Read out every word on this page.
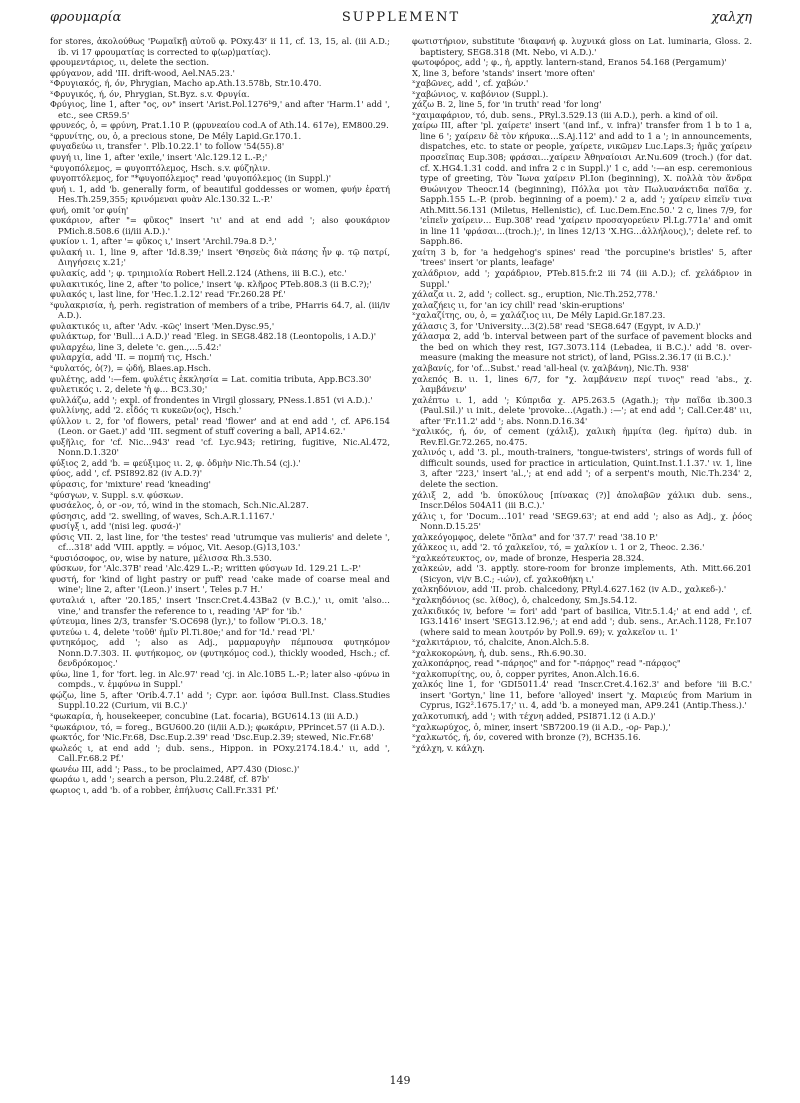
φρουμαρία	SUPPLEMENT	χαλχη

for stores, ἀκολούθως 'Ρωμαϊκῇ αὐτοῦ φ. POxy.43ʳ ii 11, cf. 13, 15, al. (iii A.D.; ib. vi 17 φρουματίας is corrected to φ⟨ωρ⟩ματίας).

φρουμεντάριος, ιι, delete the section.

φρύγανον, add 'III. drift-wood, Ael.NA5.23.'

ˣΦρυγιακός, ή, όν, Phrygian, Macho ap.Ath.13.578b, Str.10.470.

ˣΦρυγικός, ή, όν, Phrygian, St.Byz. s.v. Φρυγία.

Φρύγιος, line 1, after "ος, ον" insert 'Arist.Pol.1276ᵇ9,' and after 'Harm.1' add ', etc., see CR59.5'

φρυνεός, ὁ, = φρύνη, Prat.1.10 P. (φρυνεαίου cod.A of Ath.14. 617e), EM800.29.

ˣφρυνίτης, ου, ὁ, a precious stone, De Mély Lapid.Gr.170.1.

φυγαδεύω ιι, transfer '. Plb.10.22.1' to follow '54(55).8'

φυγή ιι, line 1, after 'exile,' insert 'Alc.129.12 L.-P.;'

ˣφυγοπόλεμος, = φυγοπτόλεμος, Hsch. s.v. φύζηλιν.

φυγοπτόλεμος, for "*φυγοπόλεμος" read 'φυγοπόλεμος (in Suppl.)'

φυή ι. 1, add 'b. generally form, of beautiful goddesses or women, φυήν ἐρατή Hes.Th.259,355; κρινόμεναι φυὰν Alc.130.32 L.-P.'

φυή, omit 'or φυίη'

φυκάριον, after "= φῦκος" insert 'ιι' and at end add '; also φουκάριον PMich.8.508.6 (ii/iii A.D.).'

φυκίον ι. 1, after '= φῦκος ι,' insert 'Archil.79a.8 D.³,'

φυλακή ιι. 1, line 9, after 'Id.8.39;' insert 'Θησεὺς διὰ πάσης ἦν φ. τῷ πατρί, Διηγήσεις x.21;'

φυλακίς, add '; φ. τριημιολία Robert Hell.2.124 (Athens, iii B.C.), etc.'

φυλακιτικός, line 2, after 'to police,' insert 'φ. κλῆρος PTeb.808.3 (ii B.C.?);'

φυλακός ι, last line, for 'Hec.1.2.12' read 'Fr.260.28 Pf.'

ˣφυλακρισία, ἡ, perh. registration of members of a tribe, PHarris 64.7, al. (iii/iv A.D.).

φυλακτικός ιι, after 'Adv. -κῶς' insert 'Men.Dysc.95,'

φυλάκτωρ, for 'Bull…i A.D.)' read 'Eleg. in SEG8.482.18 (Leontopolis, i A.D.)'

φυλαρχέω, line 3, delete 'c. gen.,…5.42:'

φυλαρχία, add 'II. = πομπή τις, Hsch.'

ˣφυλατός, ὁ(?), = ᾠδή, Blaes.ap.Hsch.

φυλέτης, add ':—fem. φυλέτις ἐκκλησία = Lat. comitia tributa, App.BC3.30'

φυλετικός ι. 2, delete 'ἡ φ… BC3.30;'

φυλλάζω, add '; expl. of frondentes in Virgil glossary, PNess.1.851 (vi A.D.).'

φυλλίνης, add '2. εἶδός τι κυκεῶν⟨ος⟩, Hsch.'

φύλλον ι. 2, for 'of flowers, petal' read 'flower' and at end add ', cf. AP6.154 (Leon. or Gaet.)' add 'III. segment of stuff covering a ball, AP14.62.'

φυξῆλις, for 'cf. Nic…943' read 'cf. Lyc.943; retiring, fugitive, Nic.Al.472, Nonn.D.1.320'

φύξιος 2, add 'b. = φεύξιμος ιι. 2, φ. ὁδμὴν Nic.Th.54 (cj.).'

φύος, add ', cf. PSI892.82 (iv A.D.?)'

φύρασις, for 'mixture' read 'kneading'

ˣφύσγων, v. Suppl. s.v. φύσκων.

φυσάελος, ὁ, or -ον, τό, wind in the stomach, Sch.Nic.Al.287.

φύσησις, add '2. swelling, of waves, Sch.A.R.1.1167.'

φυσίγξ ι, add '(nisi leg. φυσά-)'

φύσις VII. 2, last line, for 'the testes' read 'utrumque vas mulieris' and delete ', cf…318' add 'VIII. apptly. = νόμος, Vit. Aesop.(G)13,103.'

ˣφυσιόσοφος, ον, wise by nature, μέλισσα Rh.3.530.

φύσκων, for 'Alc.37B' read 'Alc.429 L.-P.; written φύσγων Id. 129.21 L.-P.'

φυστή, for 'kind of light pastry or puff' read 'cake made of coarse meal and wine'; line 2, after '(Leon.)' insert ', Teles p.7 H.'

φυταλιά ι, after '20.185,' insert 'Inscr.Cret.4.43Ba2 (v B.C.),' ιι, omit 'also…vine,' and transfer the reference to ι, reading 'AP' for 'ib.'

φύτευμα, lines 2/3, transfer 'S.OC698 (lyr.),' to follow 'Pi.O.3. 18,'

φυτεύω ι. 4, delete 'τοῦθ' ἡμῖν Pl.Ti.80e;' and for 'Id.' read 'Pl.'

φυτηκόμος, add '; also as Adj., μαρμαρυγὴν πέμπουσα φυτηκόμον Nonn.D.7.303. II. φυτήκομος, ον (φυτηκόμος cod.), thickly wooded, Hsch.; cf. δενδρόκομος.'

φύω, line 1, for 'fort. leg. in Alc.97' read 'cj. in Alc.10B5 L.-P.; later also -φύνω in compds., v. ἐμφύνω in Suppl.'

φῴζω, line 5, after 'Orib.4.7.1' add '; Cypr. aor. ἰφόσα Bull.Inst. Class.Studies Suppl.10.22 (Curium, vii B.C.)'

ˣφωκαρία, ἡ, housekeeper, concubine (Lat. focaria), BGU614.13 (iii A.D.)

ˣφωκάριον, τό, = foreg., BGU600.20 (ii/iii A.D.); φωκάριν, PPrincet.57 (ii A.D.).

φωκτός, for 'Nic.Fr.68, Dsc.Eup.2.39' read 'Dsc.Eup.2.39; stewed, Nic.Fr.68'

φωλεός ι, at end add '; dub. sens., Hippon. in POxy.2174.18.4.' ιι, add ', Call.Fr.68.2 Pf.'

φωνέω III, add '; Pass., to be proclaimed, AP7.430 (Diosc.)'

φωράω ι, add '; search a person, Plu.2.248f, cf. 87b'

φωριος ι, add 'b. of a robber, ἐπήλυσις Call.Fr.331 Pf.'

φωτιστήριον, substitute 'διαφανή φ. λυχνικά gloss on Lat. luminaria, Gloss. 2. baptistery, SEG8.318 (Mt. Nebo, vi A.D.).'

φωτοφόρος, add '; φ., ἡ, apptly. lantern-stand, Eranos 54.168 (Pergamum)'

X, line 3, before 'stands' insert 'more often'

ˣχαβῶνες, add ', cf. χαβών.'

ˣχαβώνιος, v. καβόνιον (Suppl.).

χάζω B. 2, line 5, for 'in truth' read 'for long'

ˣχαιμαφάριον, τό, dub. sens., PRyl.3.529.13 (iii A.D.), perh. a kind of oil.

χαίρω III, after 'pl. χαίρετε' insert '(and inf., v. infra)' transfer from 1 b to 1 a, line 6 '; χαίρειν δὲ τὸν κήρυκα…S.Aj.112' and add to 1 a '; in announcements, dispatches, etc. to state or people, χαίρετε, νικῶμεν Luc.Laps.3; ἡμᾶς χαίρειν προσεῖπας Eup.308; φράσαι…χαίρειν Ἀθηναίοισι Ar.Nu.609 (troch.) (for dat. cf. X.HG4.1.31 codd. and infra 2 c in Suppl.)' 1 c, add ':—an esp. ceremonious type of greeting, Τὸν Ἴωνα χαίρειν Pl.Ion (beginning), X. πολλὰ τὸν ἄνδρα Θυώνιχον Theocr.14 (beginning), Πόλλα μοι τὰν Πωλυανάκτιδα παῖδα χ. Sapph.155 L.-P. (prob. beginning of a poem).' 2 a, add '; χαίρειν εἰπεῖν τινα Ath.Mitt.56.131 (Miletus, Hellenistic), cf. Luc.Dem.Enc.50.' 2 c, lines 7/9, for 'εἰπεῖν χαίρειν… Eup.308' read 'χαίρειν προσαγορεύειν Pl.Lg.771a' and omit in line 11 'φράσαι…(troch.);', in lines 12/13 'X.HG…ἀλλήλους),'; delete ref. to Sapph.86.

χαίτη 3 b, for 'a hedgehog's spines' read 'the porcupine's bristles' 5, after 'trees' insert 'or plants, leafage'

χαλάδριον, add '; χαράδριον, PTeb.815.fr.2 iii 74 (iii A.D.); cf. χελάδριον in Suppl.'

χάλαζα ιι. 2, add '; collect. sg., eruption, Nic.Th.252,778.'

χαλαζήεις ιι, for 'an icy chill' read 'skin-eruptions'

ˣχαλαζίτης, ου, ὁ, = χαλάζιος ιιι, De Mély Lapid.Gr.187.23.

χάλασις 3, for 'University…3(2).58' read 'SEG8.647 (Egypt, iv A.D.)'

χάλασμα 2, add 'b. interval between part of the surface of pavement blocks and the bed on which they rest, IG7.3073.114 (Lebadea, ii B.C.).' add '8. over-measure (making the measure not strict), of land, PGiss.2.36.17 (ii B.C.).'

χαλβανίς, for 'of…Subst.' read 'all-heal (v. χαλβάνη), Nic.Th. 938'

χαλεπός B. ιι. 1, lines 6/7, for "χ. λαμβάνειν περί τινος" read 'abs., χ. λαμβάνειν'

χαλέπτω ι. 1, add '; Κύπριδα χ. AP5.263.5 (Agath.); τὴν παῖδα ib.300.3 (Paul.Sil.)' ιι init., delete 'provoke…(Agath.) :—'; at end add '; Call.Cer.48' ιιι, after 'Fr.11.2' add '; abs. Nonn.D.16.34'

ˣχαλικός, ή, όν, of cement (χάλιξ), χαλικὴ ἡμμίτα (leg. ἡμίτα) dub. in Rev.El.Gr.72.265, no.475.

χαλινός ι, add '3. pl., mouth-trainers, 'tongue-twisters', strings of words full of difficult sounds, used for practice in articulation, Quint.Inst.1.1.37.' ιv. 1, line 3, after '223,' insert 'al.,'; at end add '; of a serpent's mouth, Nic.Th.234' 2, delete the section.

χάλιξ 2, add 'b. ὑποκύλους [πίνακας (?)] ἀπολαβῶν χάλικι dub. sens., Inscr.Délos 504A11 (iii B.C.).'

χάλις ι, for 'Docum…101' read 'SEG9.63'; at end add '; also as Adj., χ. ῥόος Nonn.D.15.25'

χαλκεόγομφος, delete "ὅπλα" and for '37.7' read '38.10 P.'

χάλκεος ιι, add '2. τό χαλκεῖον, τό, = χαλκίον ι. 1 or 2, Theoc. 2.36.'

ˣχαλκεότευκτος, ον, made of bronze, Hesperia 28.324.

χαλκεών, add '3. apptly. store-room for bronze implements, Ath. Mitt.66.201 (Sicyon, vi/v B.C.; -ιών), cf. χαλκοθήκη ι.'

χαλκηδόνιον, add 'II. prob. chalcedony, PRyl.4.627.162 (iv A.D., χαλκεδ-).'

ˣχαλκηδόνιος (sc. λίθος), ὁ, chalcedony, Sm.Js.54.12.

χαλκιδικός iv, before '= fori' add 'part of basilica, Vitr.5.1.4;' at end add ', cf. IG3.1416' insert 'SEG13.12.96,'; at end add '; dub. sens., Ar.Ach.1128, Fr.107 (where said to mean λουτρόν by Poll.9. 69); v. χαλκεῖον ιι. 1'

ˣχαλκιτάριον, τό, chalcite, Anon.Alch.5.8.

ˣχαλκοκορώνη, ἡ, dub. sens., Rh.6.90.30.

χαλκοπάρηος, read "-πάρηος" and for "-πάρῃος" read "-πάρᾳος"

ˣχαλκοπυρίτης, ου, ὁ, copper pyrites, Anon.Alch.16.6.

χαλκός line 1, for 'GDI5011.4' read 'Inscr.Cret.4.162.3' and before 'iii B.C.' insert 'Gortyn,' line 11, before 'alloyed' insert 'χ. Μαριεύς from Marium in Cyprus, IG2².1675.17;' ιι. 4, add 'b. a moneyed man, AP9.241 (Antip.Thess.).'

χαλκοτυπική, add '; with τέχνη added, PSI871.12 (i A.D.)'

ˣχαλκωρύχος, ὁ, miner, insert 'SB7200.19 (ii A.D., -ορ- Pap.),'

ˣχαλκωτός, ή, όν, covered with bronze (?), BCH35.16.

ˣχάλχη, v. κάλχη.

149
